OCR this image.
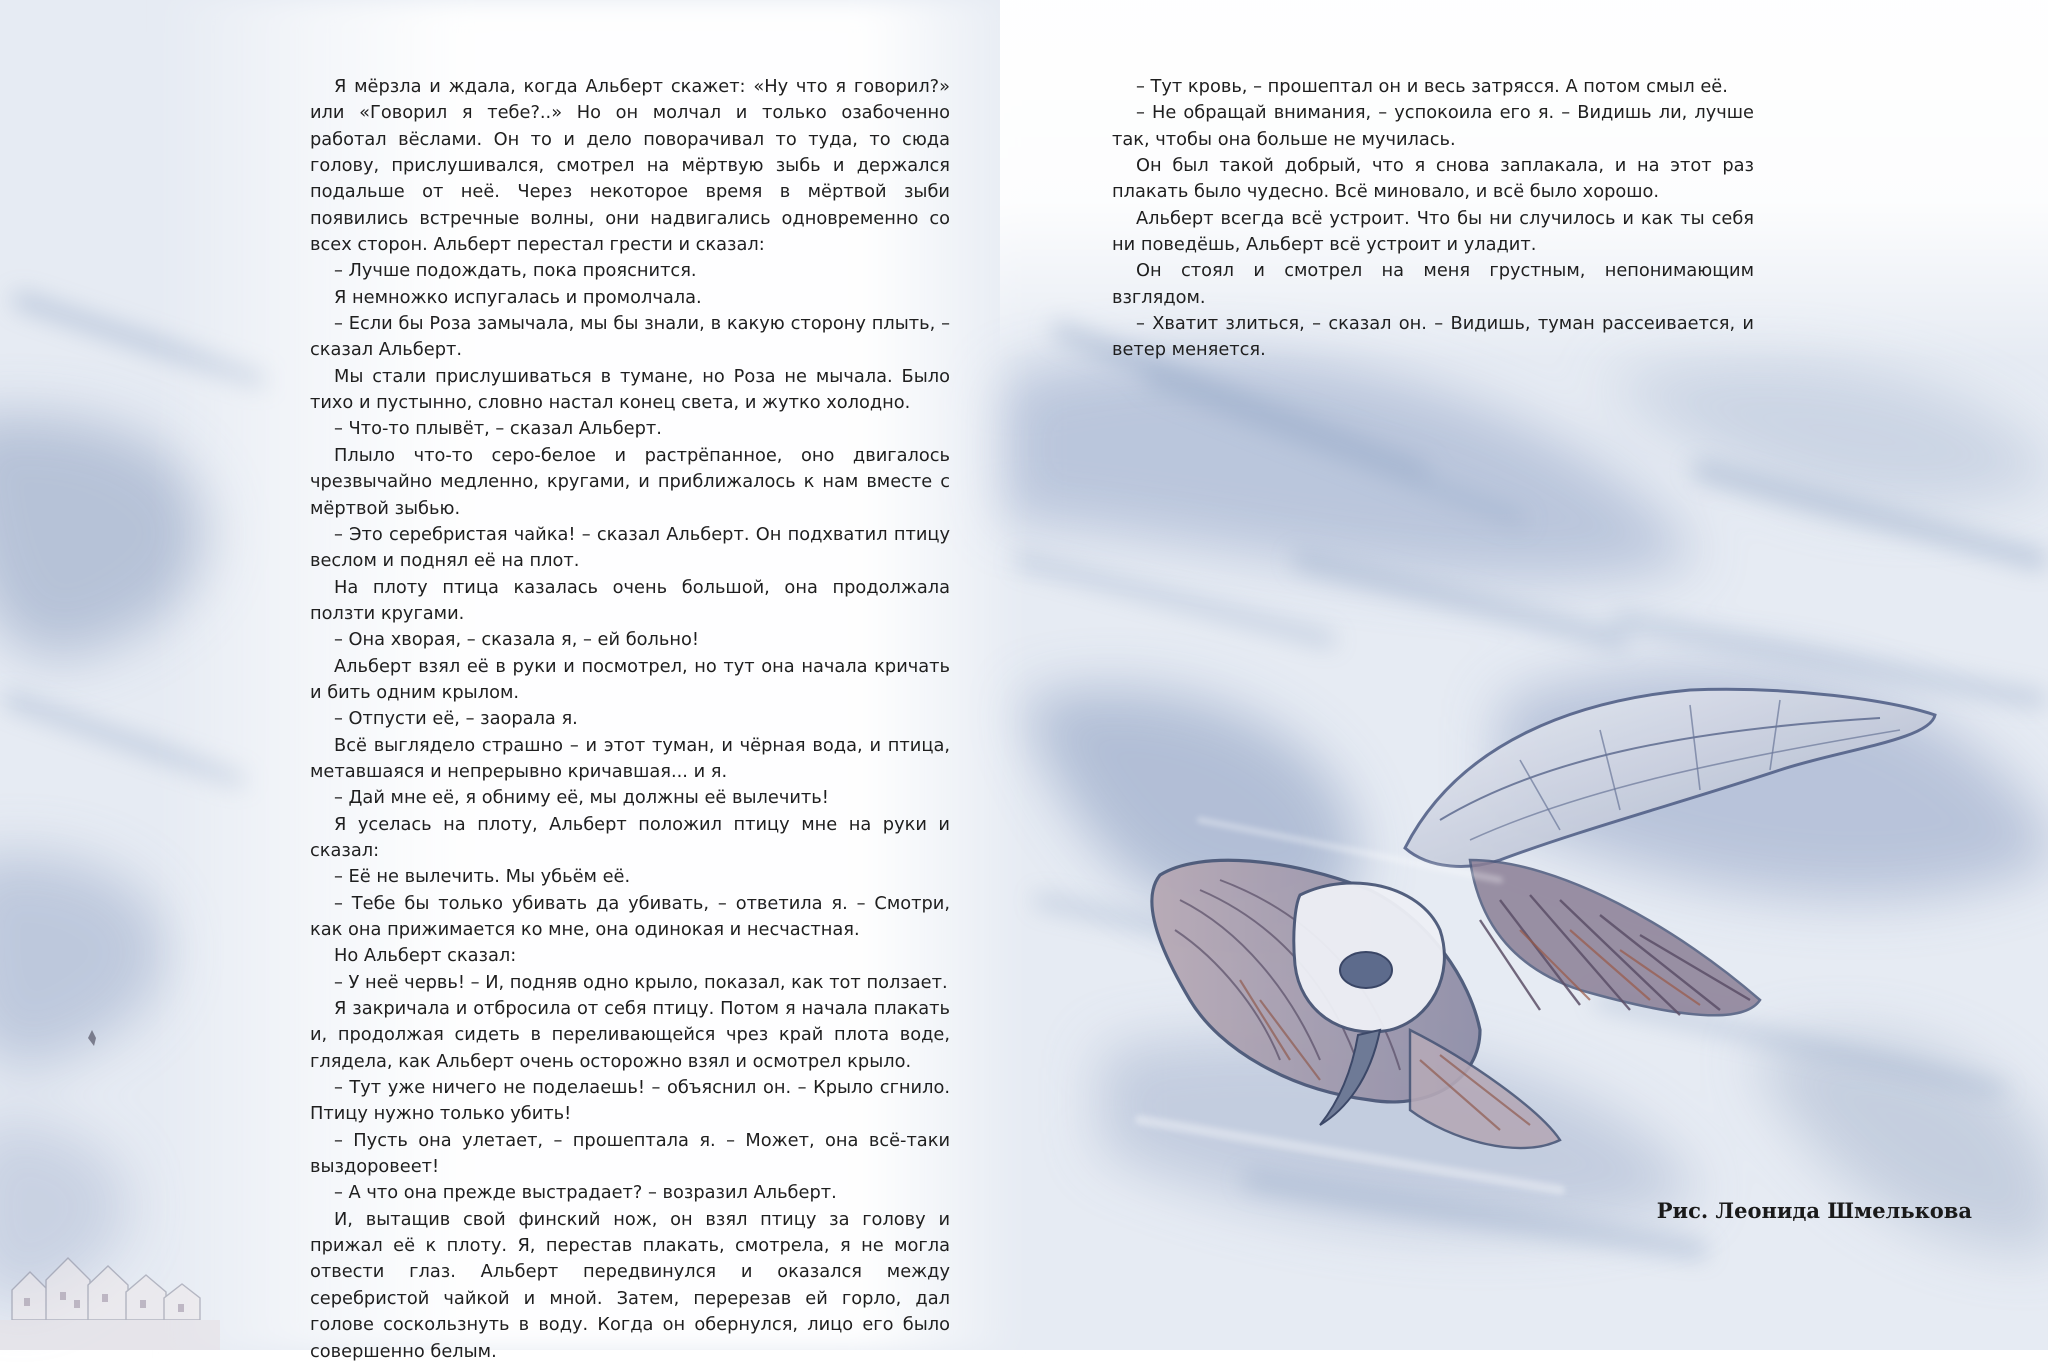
Я мёрзла и ждала, когда Альберт скажет: «Ну что я говорил?» или «Говорил я тебе?..» Но он молчал и только озабоченно работал вёслами. Он то и дело поворачивал то туда, то сюда голову, прислушивался, смотрел на мёртвую зыбь и держался подальше от неё. Через некоторое время в мёртвой зыби появились встречные волны, они надвигались одновременно со всех сторон. Альберт перестал грести и сказал:

– Лучше подождать, пока прояснится.

Я немножко испугалась и промолчала.

– Если бы Роза замычала, мы бы знали, в какую сторону плыть, – сказал Альберт.

Мы стали прислушиваться в тумане, но Роза не мычала. Было тихо и пустынно, словно настал конец света, и жутко холодно.

– Что-то плывёт, – сказал Альберт.

Плыло что-то серо-белое и растрёпанное, оно двигалось чрезвычайно медленно, кругами, и приближалось к нам вместе с мёртвой зыбью.

– Это серебристая чайка! – сказал Альберт. Он подхватил птицу веслом и поднял её на плот.

На плоту птица казалась очень большой, она продолжала ползти кругами.

– Она хворая, – сказала я, – ей больно!

Альберт взял её в руки и посмотрел, но тут она начала кричать и бить одним крылом.

– Отпусти её, – заорала я.

Всё выглядело страшно – и этот туман, и чёрная вода, и птица, метавшаяся и непрерывно кричавшая... и я.

– Дай мне её, я обниму её, мы должны её вылечить!

Я уселась на плоту, Альберт положил птицу мне на руки и сказал:

– Её не вылечить. Мы убьём её.

– Тебе бы только убивать да убивать, – ответила я. – Смотри, как она прижимается ко мне, она одинокая и несчастная.

Но Альберт сказал:

– У неё червь! – И, подняв одно крыло, показал, как тот ползает.

Я закричала и отбросила от себя птицу. Потом я начала плакать и, продолжая сидеть в переливающейся чрез край плота воде, глядела, как Альберт очень осторожно взял и осмотрел крыло.

– Тут уже ничего не поделаешь! – объяснил он. – Крыло сгнило. Птицу нужно только убить!

– Пусть она улетает, – прошептала я. – Может, она всё-таки выздоровеет!

– А что она прежде выстрадает? – возразил Альберт.

И, вытащив свой финский нож, он взял птицу за голову и прижал её к плоту. Я, перестав плакать, смотрела, я не могла отвести глаз. Альберт передвинулся и оказался между серебристой чайкой и мной. Затем, перерезав ей горло, дал голове соскользнуть в воду. Когда он обернулся, лицо его было совершенно белым.

– Тут кровь, – прошептал он и весь затрясся. А потом смыл её.

– Не обращай внимания, – успокоила его я. – Видишь ли, лучше так, чтобы она больше не мучилась.

Он был такой добрый, что я снова заплакала, и на этот раз плакать было чудесно. Всё миновало, и всё было хорошо.

Альберт всегда всё устроит. Что бы ни случилось и как ты себя ни поведёшь, Альберт всё устроит и уладит.

Он стоял и смотрел на меня грустным, непонимающим взглядом.

– Хватит злиться, – сказал он. – Видишь, туман рассеивается, и ветер меняется.

Рис. Леонида Шмелькова
